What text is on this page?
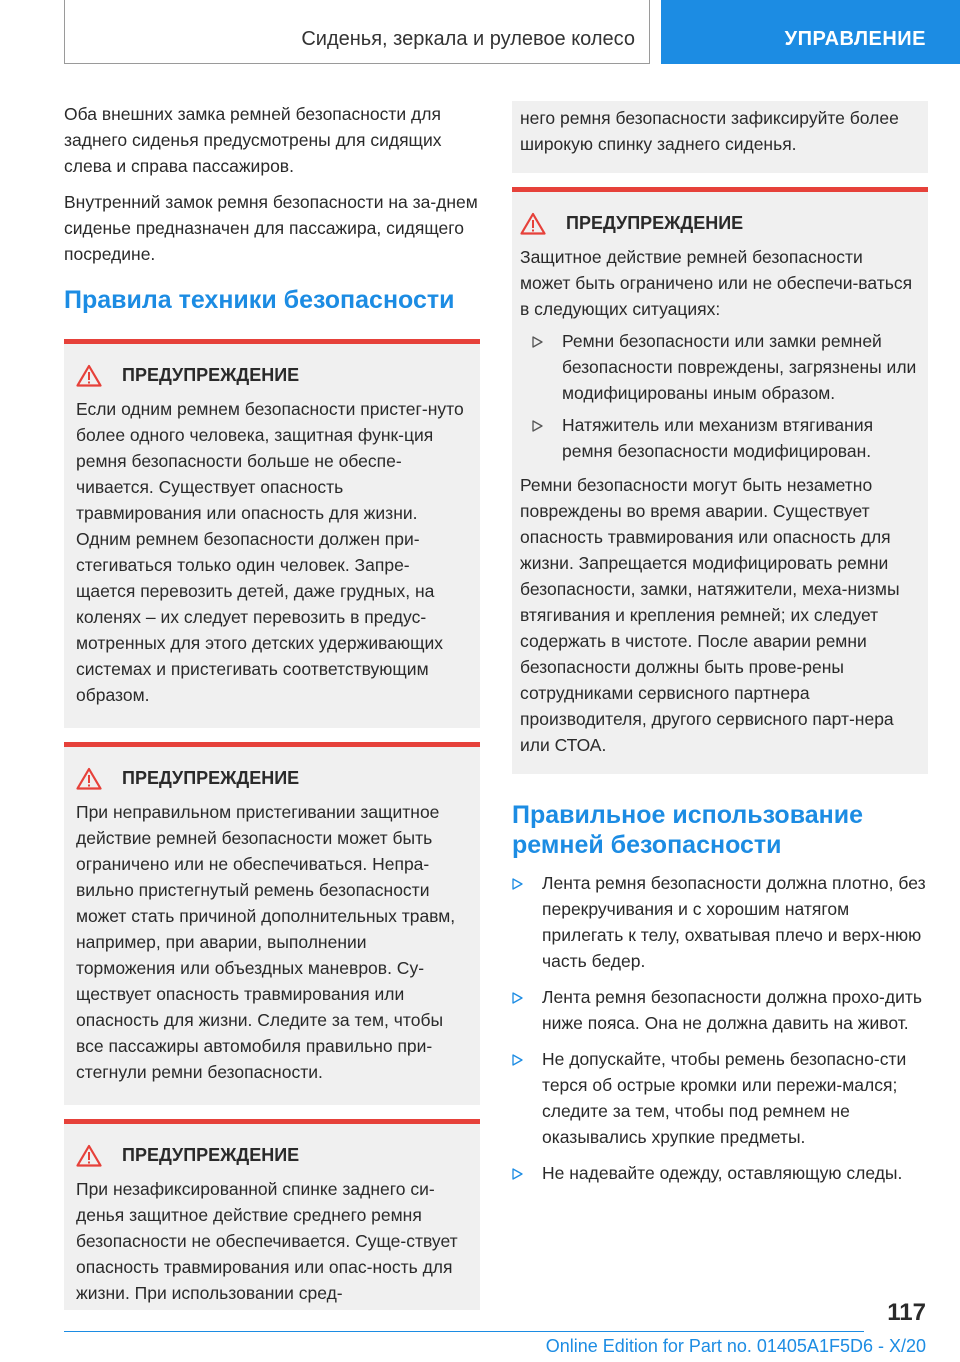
Сиденья, зеркала и рулевое колесо	УПРАВЛЕНИЕ

Оба внешних замка ремней безопасности для заднего сиденья предусмотрены для сидящих слева и справа пассажиров.

Внутренний замок ремня безопасности на за-днем сиденье предназначен для пассажира, сидящего посредине.

Правила техники безопасности
ПРЕДУПРЕЖДЕНИЕ

Если одним ремнем безопасности пристег-нуто более одного человека, защитная функ-ция ремня безопасности больше не обеспе-чивается. Существует опасность травмирования или опасность для жизни. Одним ремнем безопасности должен при-стегиваться только один человек. Запре-щается перевозить детей, даже грудных, на коленях – их следует перевозить в предус-мотренных для этого детских удерживающих системах и пристегивать соответствующим образом.

ПРЕДУПРЕЖДЕНИЕ

При неправильном пристегивании защитное действие ремней безопасности может быть ограничено или не обеспечиваться. Непра-вильно пристегнутый ремень безопасности может стать причиной дополнительных травм, например, при аварии, выполнении торможения или объездных маневров. Су-ществует опасность травмирования или опасность для жизни. Следите за тем, чтобы все пассажиры автомобиля правильно при-стегнули ремни безопасности.

ПРЕДУПРЕЖДЕНИЕ

При незафиксированной спинке заднего си-денья защитное действие среднего ремня безопасности не обеспечивается. Суще-ствует опасность травмирования или опас-ность для жизни. При использовании сред-

него ремня безопасности зафиксируйте более широкую спинку заднего сиденья.

ПРЕДУПРЕЖДЕНИЕ

Защитное действие ремней безопасности может быть ограничено или не обеспечи-ваться в следующих ситуациях:

Ремни безопасности или замки ремней безопасности повреждены, загрязнены или модифицированы иным образом.
Натяжитель или механизм втягивания ремня безопасности модифицирован.

Ремни безопасности могут быть незаметно повреждены во время аварии. Существует опасность травмирования или опасность для жизни. Запрещается модифицировать ремни безопасности, замки, натяжители, меха-низмы втягивания и крепления ремней; их следует содержать в чистоте. После аварии ремни безопасности должны быть прове-рены сотрудниками сервисного партнера производителя, другого сервисного парт-нера или СТОА.

Правильное использование ремней безопасности
Лента ремня безопасности должна плотно, без перекручивания и с хорошим натягом прилегать к телу, охватывая плечо и верх-нюю часть бедер.
Лента ремня безопасности должна прохо-дить ниже пояса. Она не должна давить на живот.
Не допускайте, чтобы ремень безопасно-сти терся об острые кромки или пережи-мался; следите за тем, чтобы под ремнем не оказывались хрупкие предметы.
Не надевайте одежду, оставляющую следы.
117
Online Edition for Part no. 01405A1F5D6 - X/20
